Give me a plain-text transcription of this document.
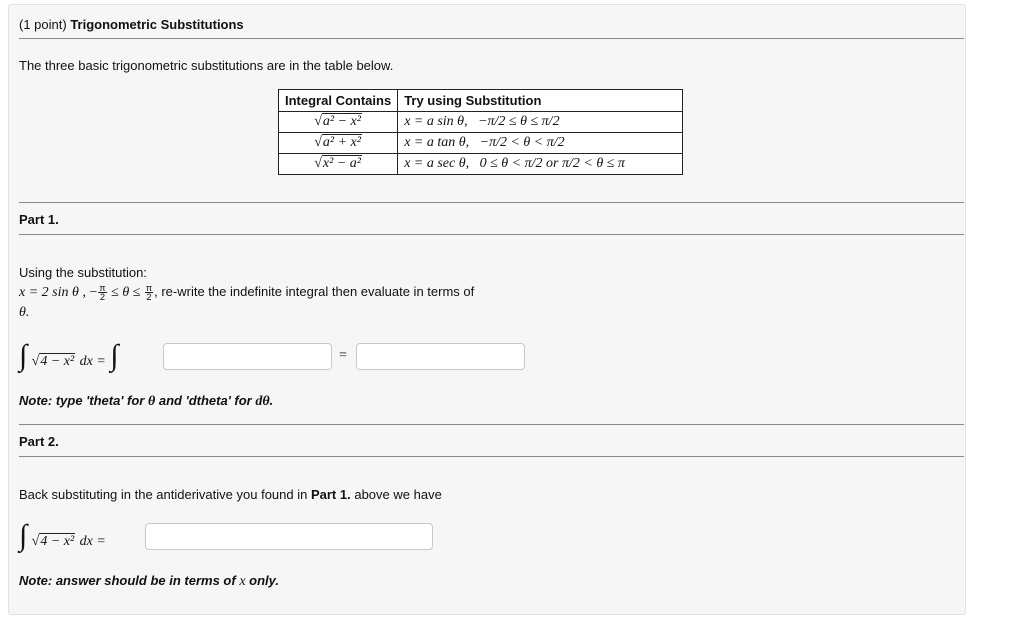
(1 point) Trigonometric Substitutions
The three basic trigonometric substitutions are in the table below.
Integral Contains	Try using Substitution
√a² − x²	x = a sin θ, −π/2 ≤ θ ≤ π/2
√a² + x²	x = a tan θ, −π/2 < θ < π/2
√x² − a²	x = a sec θ, 0 ≤ θ < π/2 or π/2 < θ ≤ π
Part 1.
Using the substitution:
x = 2 sin θ , − $\frac{\pi}{2} \le \theta \le \frac{\pi}{2}$ , re-write the indefinite integral then evaluate in terms of
θ.
∫ √4 − x² dx = ∫	=
Note: type 'theta' for θ and 'dtheta' for dθ.
Part 2.
Back substituting in the antiderivative you found in Part 1. above we have
∫ √4 − x² dx =
Note: answer should be in terms of x only.
